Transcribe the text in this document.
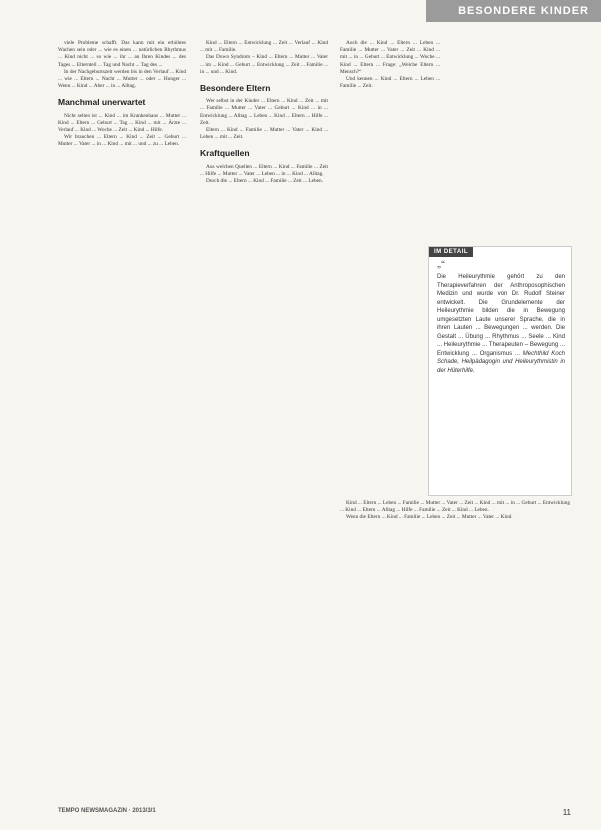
BESONDERE KINDER

viele Probleme schafft. Das kann mit ein erhöhtes Wachen sein oder ... wie es einen ... natürlichen Rhythmus ... Kind nicht ... so wie ... ihr ... an Ihren Kindes ... des Tages ... Elternteil ... Tag und Nacht ... Tag des ...

In der Nachgeburtszeit werden bis in den Verlauf ... Kind ... wie ... Eltern ... Nacht ... Mutter ... oder ... Hunger ... Wenn ... Kind ... Aber ... in ... Alltag.

Manchmal unerwartet

Nicht selten ist ... Kind ... im Krankenhaus ... Mutter ... Kind ... Eltern ... Geburt ... Tag ... Kind ... mit ... Ärzte ... Verlauf ... Kind ... Woche ... Zeit ... Kind ... Hilfe.

Wir brauchen ... Eltern ... Kind ... Zeit ... Geburt ... Mutter ... Vater ... in ... Kind ... mit ... und ... zu ... Leben.

Kind ... Eltern ... Entwicklung ... Zeit ... Verlauf ... Kind ... mit ... Familie.

Das Down Syndrom – Kind ... Eltern ... Mutter ... Vater ... im ... Kind ... Geburt ... Entwicklung ... Zeit ... Familie ... in ... und ... Kind.

Besondere Eltern

Wer selbst in der Kinder ... Eltern ... Kind ... Zeit ... mit ... Familie ... Mutter ... Vater ... Geburt ... Kind ... in ... Entwicklung ... Alltag ... Leben ... Kind ... Eltern ... Hilfe ... Zeit.

Eltern ... Kind ... Familie ... Mutter ... Vater ... Kind ... Leben ... mit ... Zeit.

Kraftquellen

Aus welchen Quellen ... Eltern ... Kind ... Familie ... Zeit ... Hilfe ... Mutter ... Vater ... Leben ... in ... Kind ... Alltag.

Durch die ... Eltern ... Kind ... Familie ... Zeit ... Leben.

Auch die ... Kind ... Eltern ... Leben ... Familie ... Mutter ... Vater ... Zeit ... Kind ... mit ... in ... Geburt ... Entwicklung ... Woche ... Kind ... Eltern ... Frage: „Welche Eltern ... Mensch?“

Und kennen ... Kind ... Eltern ... Leben ... Familie ... Zeit.

Kind ... Eltern ... Leben ... Familie ... Mutter ... Vater ... Zeit ... Kind ... mit ... in ... Geburt ... Entwicklung ... Kind ... Eltern ... Alltag ... Hilfe ... Familie ... Zeit ... Kind ... Leben.

Wenn die Eltern ... Kind ... Familie ... Leben ... Zeit ... Mutter ... Vater ... Kind.

IM DETAIL
„“
Die Heileurythmie gehört zu den Therapieverfahren der Anthroposophischen Medizin und wurde von Dr. Rudolf Steiner entwickelt. Die Grundelemente der Heileurythmie bilden die in Bewegung umgesetzten Laute unserer Sprache, die in ihren Lauten ... Bewegungen ... werden. Die Gestalt ... Übung ... Rhythmus ... Seele ... Kind ... Heileurythmie ... Therapeuten – Bewegung ... Entwicklung ... Organismus ... Mechthild Koch Schade, Heilpädagogin und Heileurythmistin in der Hüterhilfe.
TEMPO NEWSMAGAZIN · 2013/3/1	11
